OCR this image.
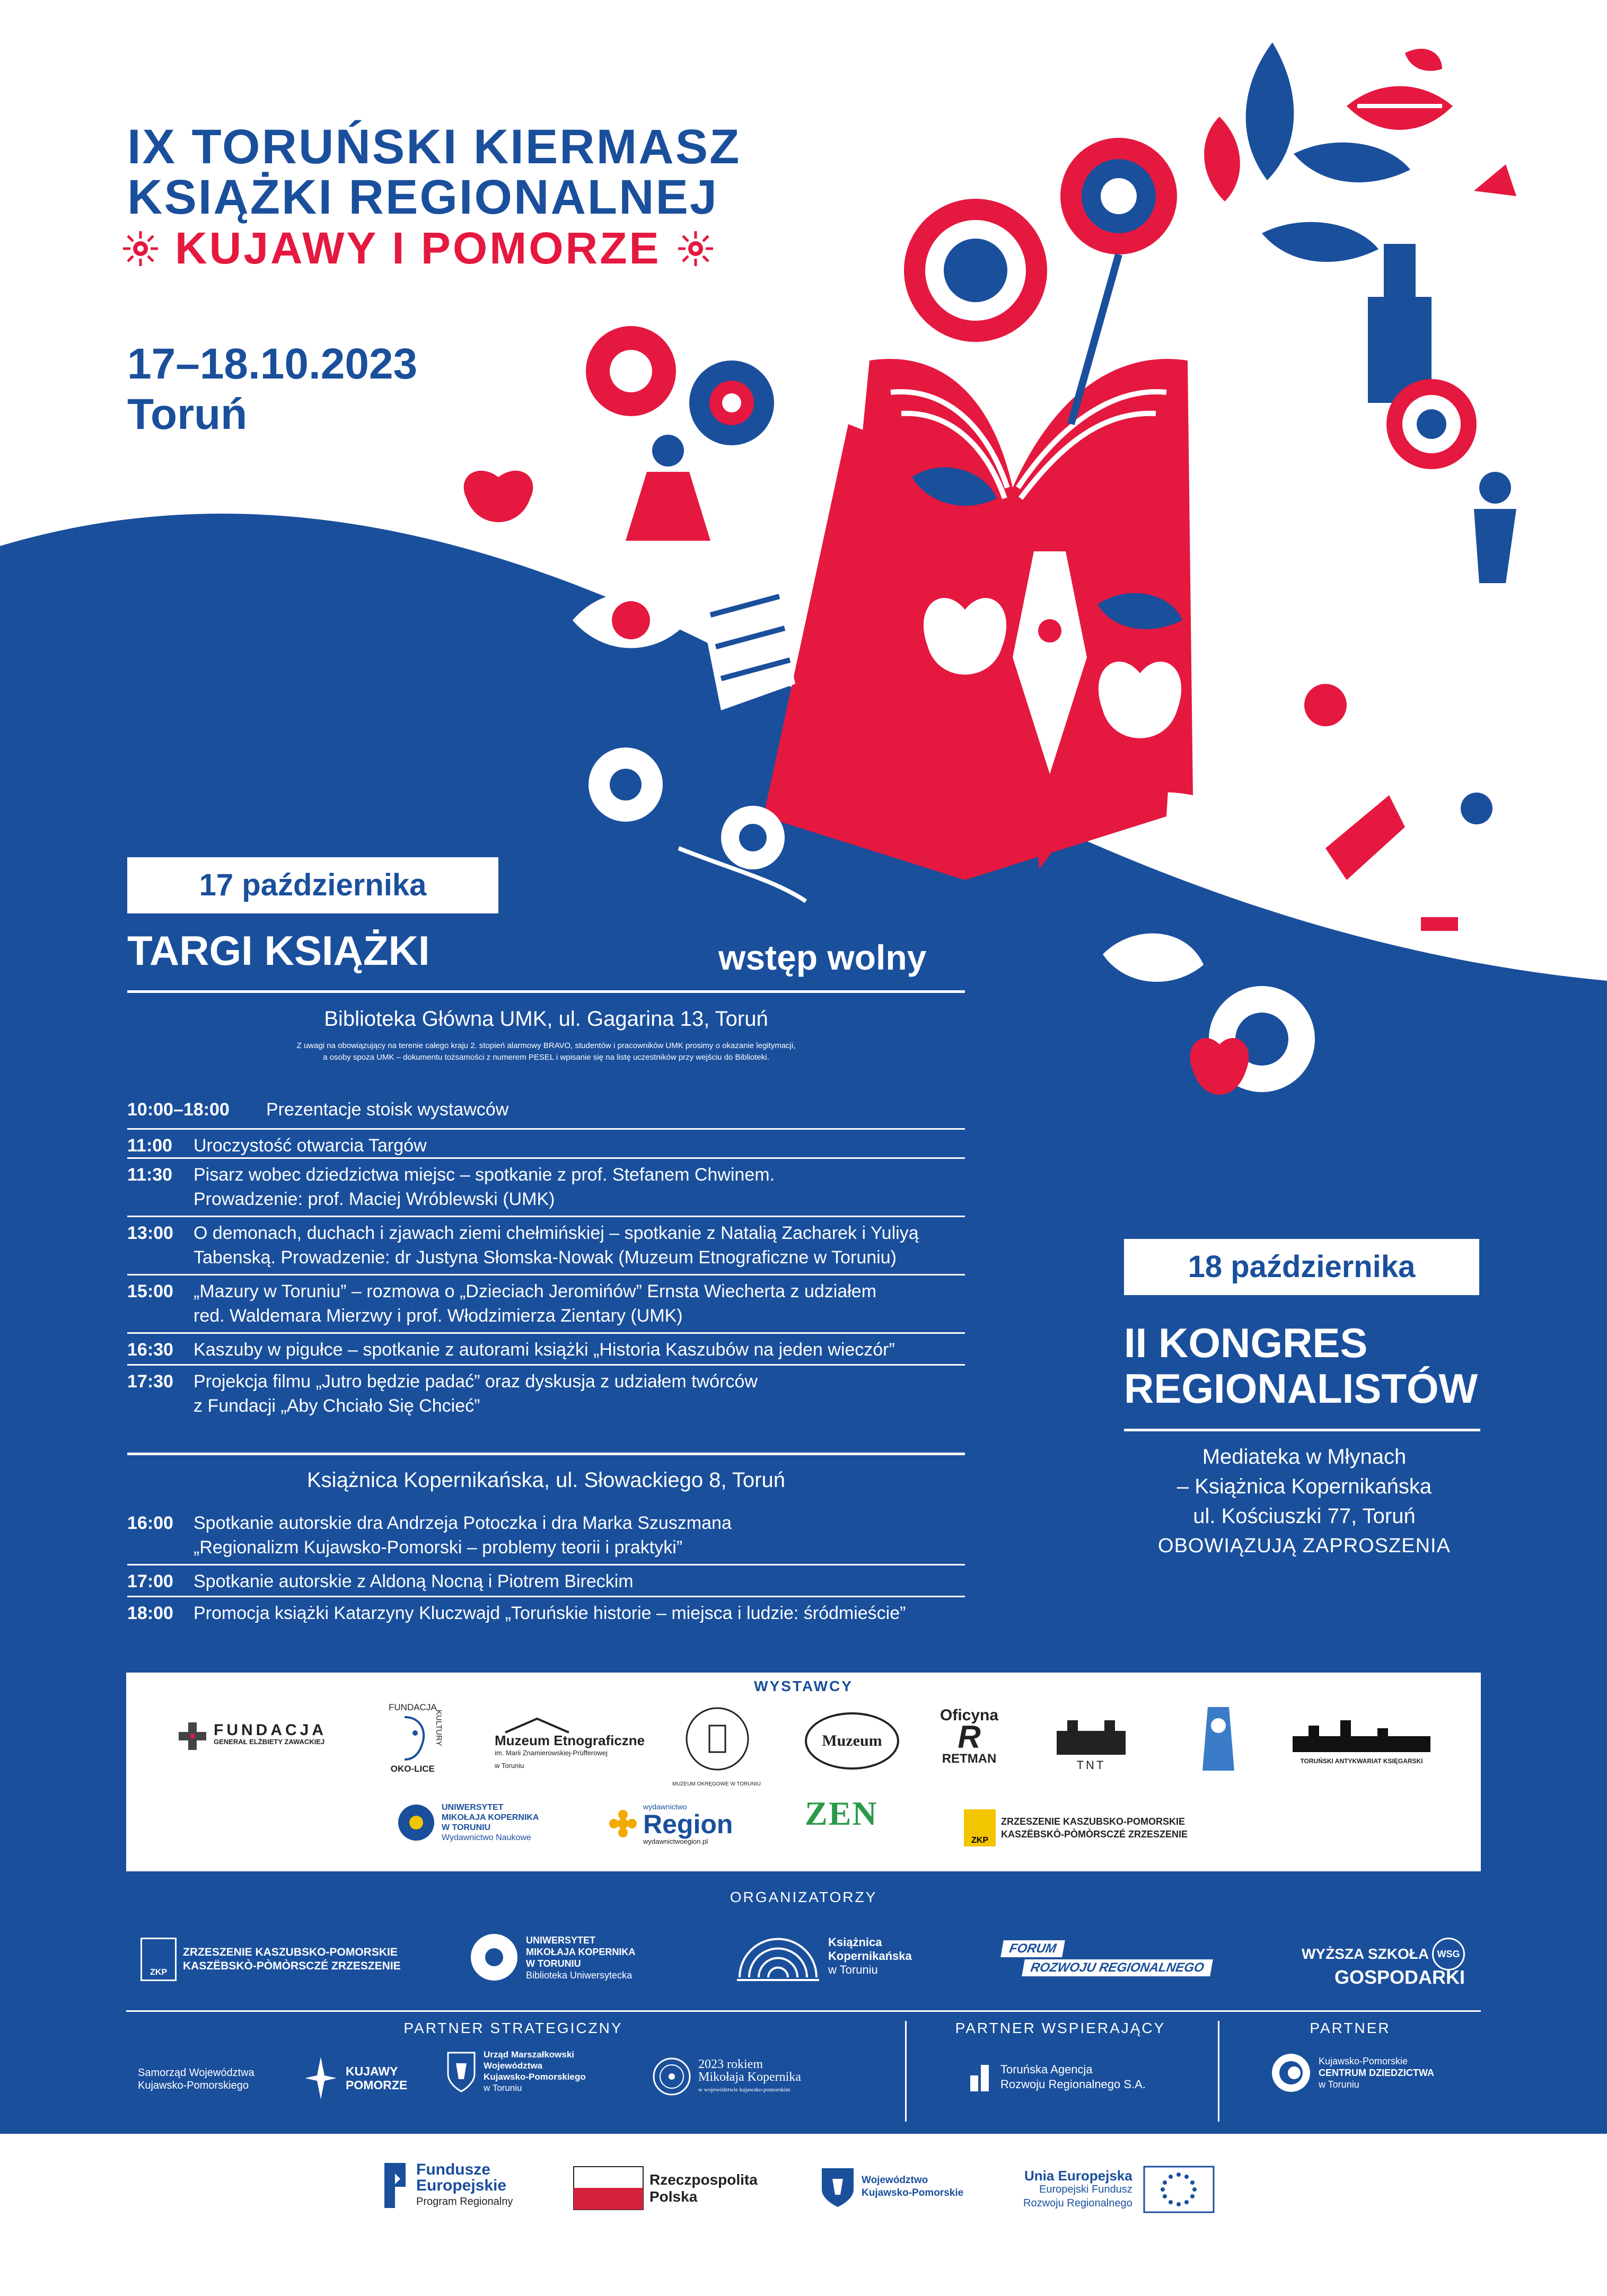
IX TORUŃSKI KIERMASZ
KSIĄŻKI REGIONALNEJ
KUJAWY I POMORZE
17–18.10.2023
Toruń
17 października
TARGI KSIĄŻKI	wstęp wolny
Biblioteka Główna UMK, ul. Gagarina 13, Toruń
Z uwagi na obowiązujący na terenie całego kraju 2. stopień alarmowy BRAVO, studentów i pracowników UMK prosimy o okazanie legitymacji,
a osoby spoza UMK – dokumentu tożsamości z numerem PESEL i wpisanie się na listę uczestników przy wejściu do Biblioteki.
10:00–18:00	Prezentacje stoisk wystawców
11:00	Uroczystość otwarcia Targów
11:30	Pisarz wobec dziedzictwa miejsc – spotkanie z prof. Stefanem Chwinem.
Prowadzenie: prof. Maciej Wróblewski (UMK)
13:00	O demonach, duchach i zjawach ziemi chełmińskiej – spotkanie z Natalią Zacharek i Yuliyą
Tabenską. Prowadzenie: dr Justyna Słomska-Nowak (Muzeum Etnograficzne w Toruniu)
15:00	„Mazury w Toruniu” – rozmowa o „Dzieciach Jeromińów” Ernsta Wiecherta z udziałem
red. Waldemara Mierzwy i prof. Włodzimierza Zientary (UMK)
16:30	Kaszuby w pigułce – spotkanie z autorami książki „Historia Kaszubów na jeden wieczór”
17:30	Projekcja filmu „Jutro będzie padać” oraz dyskusja z udziałem twórców
z Fundacji „Aby Chciało Się Chcieć”
Książnica Kopernikańska, ul. Słowackiego 8, Toruń
16:00	Spotkanie autorskie dra Andrzeja Potoczka i dra Marka Szuszmana
„Regionalizm Kujawsko-Pomorski – problemy teorii i praktyki”
17:00	Spotkanie autorskie z Aldoną Nocną i Piotrem Bireckim
18:00	Promocja książki Katarzyny Kluczwajd „Toruńskie historie – miejsca i ludzie: śródmieście”
18 października
II KONGRES
REGIONALISTÓW
Mediateka w Młynach
– Książnica Kopernikańska
ul. Kościuszki 77, Toruń
OBOWIĄZUJĄ ZAPROSZENIA
WYSTAWCY
FUNDACJA
GENERAŁ ELŻBIETY ZAWACKIEJ
FUNDACJA
OKO-LICE
KULTURY	Muzeum Etnograficzne
im. Marii Znamierowskiej-Prüfferowej
w Toruniu
MUZEUM OKRĘGOWE W TORUNIU
Muzeum
Oficyna
R
RETMAN	TNT	TORUŃSKI ANTYKWARIAT KSIĘGARSKI
UNIWERSYTET
MIKOŁAJA KOPERNIKA
W TORUNIU
Wydawnictwo Naukowe
wydawnictwo
Region
wydawnictwoegion.pl
ZEN
ZKP
ZRZESZENIE KASZUBSKO-POMORSKIE
KASZËBSKÒ-PÒMÒRSCZÉ ZRZESZENIE
ORGANIZATORZY
ZKP
ZRZESZENIE KASZUBSKO-POMORSKIE
KASZËBSKÒ-PÒMÒRSCZÉ ZRZESZENIE
UNIWERSYTET
MIKOŁAJA KOPERNIKA
W TORUNIU
Biblioteka Uniwersytecka
Książnica
Kopernikańska
w Toruniu
FORUM
ROZWOJU REGIONALNEGO
WYŻSZA SZKOŁA WSG
GOSPODARKI
PARTNER STRATEGICZNY	PARTNER WSPIERAJĄCY	PARTNER
Samorząd Województwa
Kujawsko-Pomorskiego
KUJAWY
POMORZE
Urząd Marszałkowski
Województwa
Kujawsko-Pomorskiego
w Toruniu
2023 rokiem
Mikołaja Kopernika
w województwie kujawsko-pomorskim
Toruńska Agencja
Rozwoju Regionalnego S.A.
Kujawsko-Pomorskie
CENTRUM DZIEDZICTWA
w Toruniu
Fundusze
Europejskie
Program Regionalny
Rzeczpospolita
Polska
Województwo
Kujawsko-Pomorskie
Unia Europejska
Europejski Fundusz
Rozwoju Regionalnego
